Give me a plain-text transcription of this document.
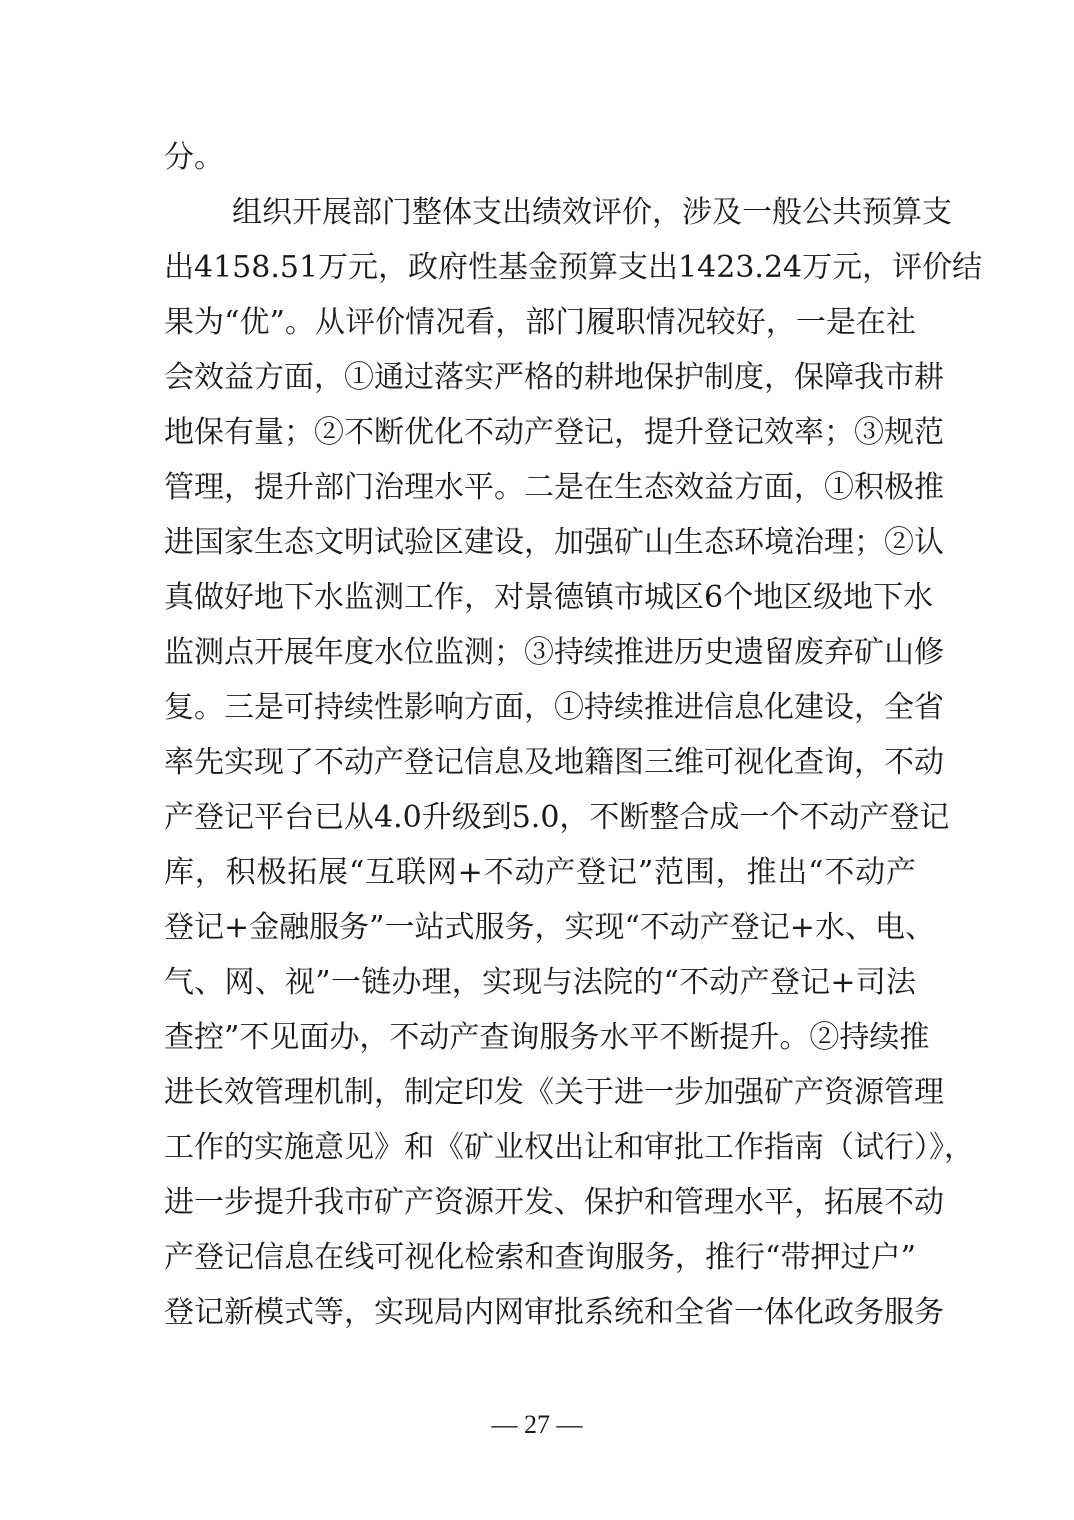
分。
组织开展部门整体支出绩效评价，涉及一般公共预算支
出4158.51万元，政府性基金预算支出1423.24万元，评价结
果为“优”。从评价情况看，部门履职情况较好，一是在社
会效益方面，①通过落实严格的耕地保护制度，保障我市耕
地保有量；②不断优化不动产登记，提升登记效率；③规范
管理，提升部门治理水平。二是在生态效益方面，①积极推
进国家生态文明试验区建设，加强矿山生态环境治理；②认
真做好地下水监测工作，对景德镇市城区6个地区级地下水
监测点开展年度水位监测；③持续推进历史遗留废弃矿山修
复。三是可持续性影响方面，①持续推进信息化建设，全省
率先实现了不动产登记信息及地籍图三维可视化查询，不动
产登记平台已从4.0升级到5.0，不断整合成一个不动产登记
库，积极拓展“互联网+不动产登记”范围，推出“不动产
登记+金融服务”一站式服务，实现“不动产登记+水、电、
气、网、视”一链办理，实现与法院的“不动产登记+司法
查控”不见面办，不动产查询服务水平不断提升。②持续推
进长效管理机制，制定印发《关于进一步加强矿产资源管理
工作的实施意见》和《矿业权出让和审批工作指南（试行）》，
进一步提升我市矿产资源开发、保护和管理水平，拓展不动
产登记信息在线可视化检索和查询服务，推行“带押过户”
登记新模式等，实现局内网审批系统和全省一体化政务服务
— 27 —
